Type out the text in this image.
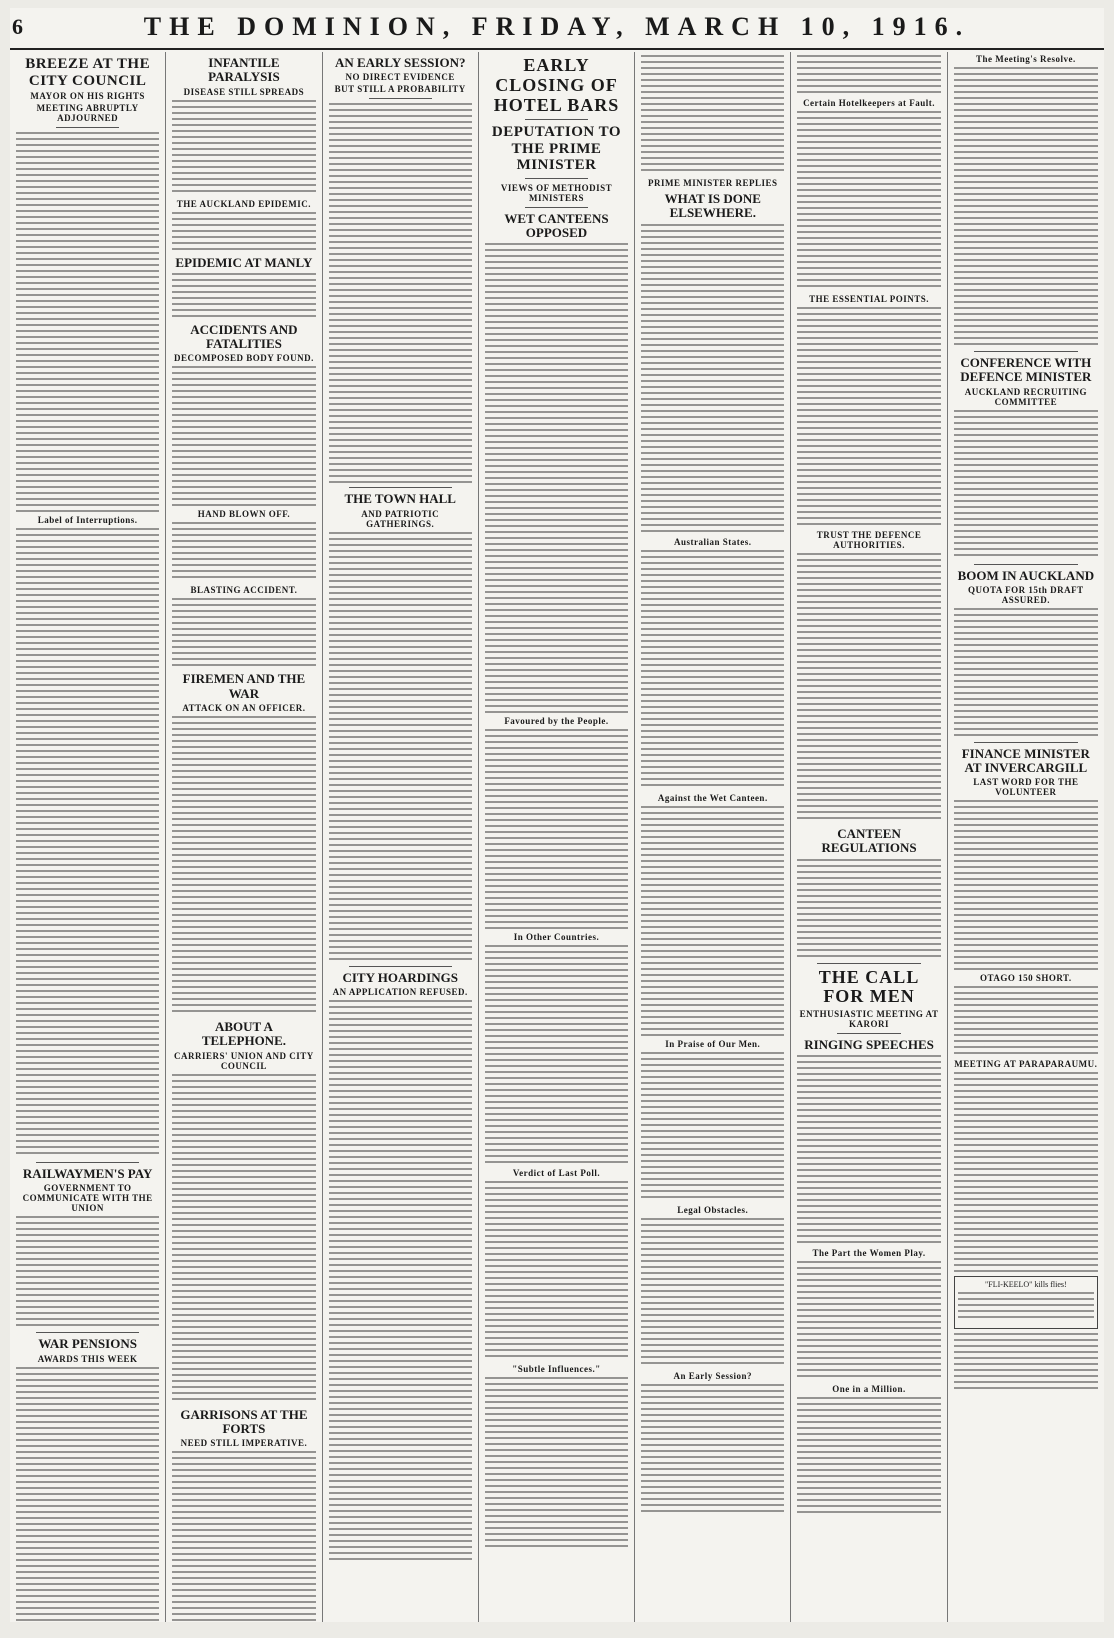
6	THE DOMINION, FRIDAY, MARCH 10, 1916.
BREEZE AT THE CITY COUNCIL
MAYOR ON HIS RIGHTS
MEETING ABRUPTLY ADJOURNED
Label of Interruptions.
RAILWAYMEN'S PAY
GOVERNMENT TO COMMUNICATE WITH THE UNION
WAR PENSIONS
AWARDS THIS WEEK
INFANTILE PARALYSIS
DISEASE STILL SPREADS
THE AUCKLAND EPIDEMIC.
EPIDEMIC AT MANLY
ACCIDENTS AND FATALITIES
DECOMPOSED BODY FOUND.
HAND BLOWN OFF.
BLASTING ACCIDENT.
FIREMEN AND THE WAR
ATTACK ON AN OFFICER.
ABOUT A TELEPHONE.
CARRIERS' UNION AND CITY COUNCIL
GARRISONS AT THE FORTS
NEED STILL IMPERATIVE.
AN EARLY SESSION?
NO DIRECT EVIDENCE
BUT STILL A PROBABILITY
THE TOWN HALL
AND PATRIOTIC GATHERINGS.
CITY HOARDINGS
AN APPLICATION REFUSED.
EARLY CLOSING OF HOTEL BARS
DEPUTATION TO THE PRIME MINISTER
VIEWS OF METHODIST MINISTERS
WET CANTEENS OPPOSED
Favoured by the People.
In Other Countries.
Verdict of Last Poll.
"Subtle Influences."
PRIME MINISTER REPLIES
WHAT IS DONE ELSEWHERE.
Australian States.
Against the Wet Canteen.
In Praise of Our Men.
Legal Obstacles.
An Early Session?
Certain Hotelkeepers at Fault.
THE ESSENTIAL POINTS.
TRUST THE DEFENCE AUTHORITIES.
CANTEEN REGULATIONS
THE CALL FOR MEN
ENTHUSIASTIC MEETING AT KARORI
RINGING SPEECHES
The Part the Women Play.
One in a Million.
The Meeting's Resolve.
CONFERENCE WITH DEFENCE MINISTER
AUCKLAND RECRUITING COMMITTEE
BOOM IN AUCKLAND
QUOTA FOR 15th DRAFT ASSURED.
FINANCE MINISTER AT INVERCARGILL
LAST WORD FOR THE VOLUNTEER
OTAGO 150 SHORT.
MEETING AT PARAPARAUMU.
"FLI-KEELO" kills flies!
